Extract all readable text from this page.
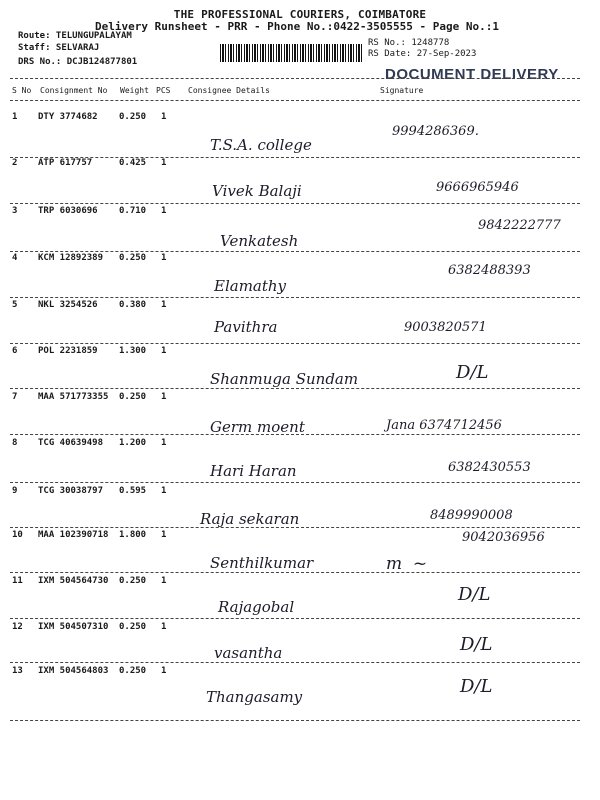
THE PROFESSIONAL COURIERS, COIMBATORE
Delivery Runsheet - PRR - Phone No.:0422-3505555 - Page No.:1
Route: TELUNGUPALAYAM
Staff: SELVARAJ
DRS No.: DCJB124877801
RS No.: 1248778
RS Date: 27-Sep-2023
DOCUMENT DELIVERY
S No Consignment No Weight PCS Consignee Details	Signature
1 DTY 3774682 0.250 1
T.S.A. college
9994286369.
2 ATP 617757	0.425 1
Vivek Balaji	9666965946
3 TRP 6030696 0.710 1
Venkatesh
9842222777
4 KCM 12892389 0.250 1
Elamathy
6382488393
5 NKL 3254526 0.380 1
Pavithra	9003820571
6 POL 2231859 1.300 1
Shanmuga Sundam	D/L
7 MAA 571773355 0.250 1
Germ moent	Jana 6374712456
8 TCG 40639498 1.200 1
Hari Haran	6382430553
9 TCG 30038797 0.595 1
Raja sekaran	8489990008
10 MAA 102390718 1.800 1
Senthilkumar
9042036956
m  ~
11 IXM 504564730 0.250 1
Rajagobal
D/L
12 IXM 504507310 0.250 1
vasantha	D/L
13 IXM 504564803 0.250 1
Thangasamy	D/L
